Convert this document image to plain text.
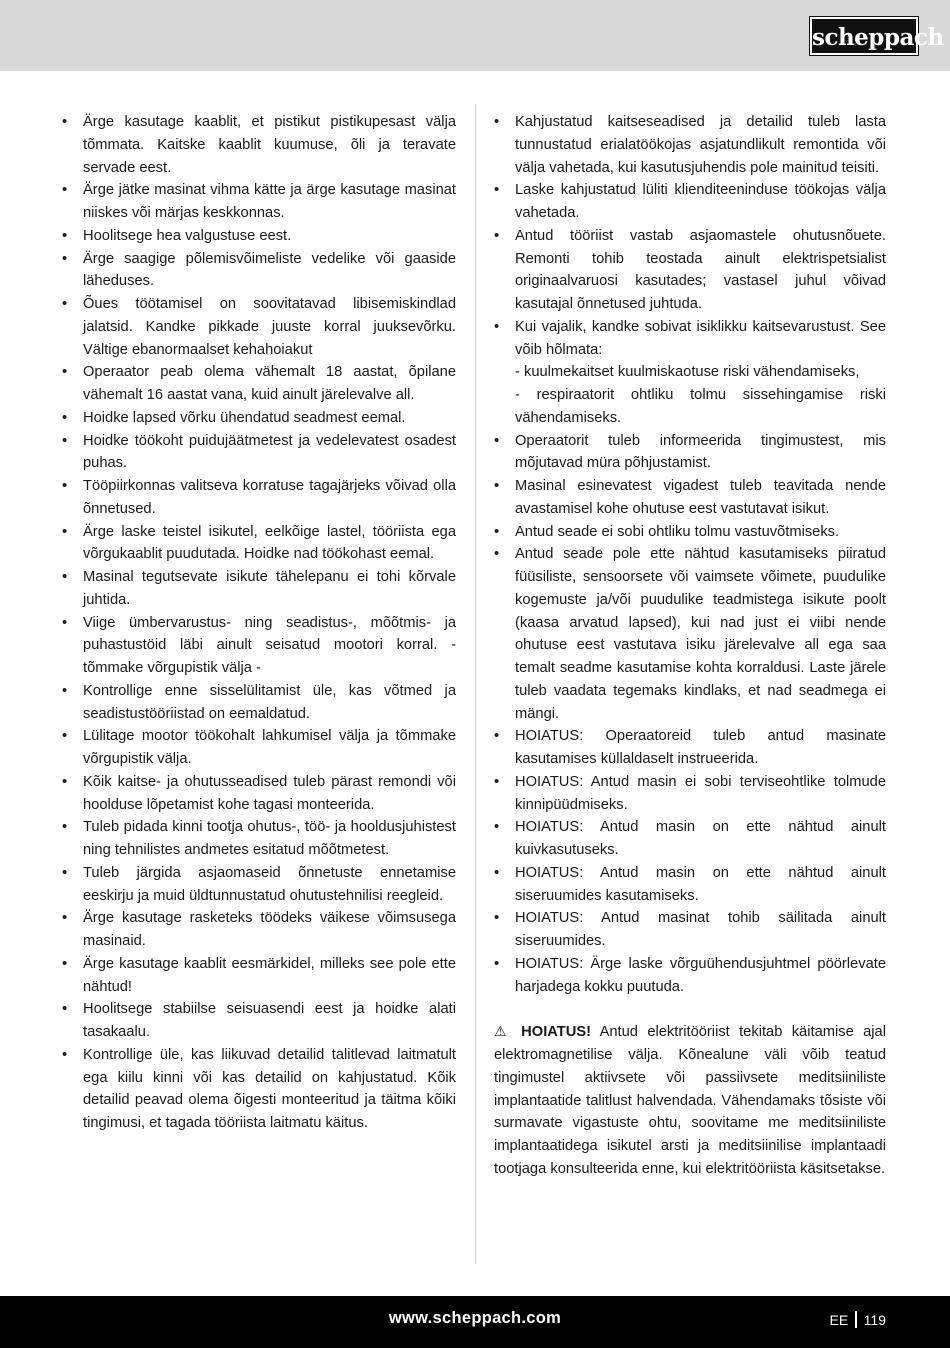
scheppach
•	Ärge kasutage kaablit, et pistikut pistikupesast välja tõmmata. Kaitske kaablit kuumuse, õli ja teravate servade eest.
•	Ärge jätke masinat vihma kätte ja ärge kasutage masinat niiskes või märjas keskkonnas.
•	Hoolitsege hea valgustuse eest.
•	Ärge saagige põlemisvõimeliste vedelike või gaaside läheduses.
•	Õues töötamisel on soovitatavad libisemiskindlad jalatsid. Kandke pikkade juuste korral juuksevõrku. Vältige ebanormaalset kehahoiakut
•	Operaator peab olema vähemalt 18 aastat, õpilane vähemalt 16 aastat vana, kuid ainult järelevalve all.
•	Hoidke lapsed võrku ühendatud seadmest eemal.
•	Hoidke töökoht puidujäätmetest ja vedelevatest osadest puhas.
•	Tööpiirkonnas valitseva korratuse tagajärjeks võivad olla õnnetused.
•	Ärge laske teistel isikutel, eelkõige lastel, tööriista ega võrgukaablit puudutada. Hoidke nad töökohast eemal.
•	Masinal tegutsevate isikute tähelepanu ei tohi kõrvale juhtida.
•	Viige ümbervarustus- ning seadistus-, mõõtmis- ja puhastustöid läbi ainult seisatud mootori korral. - tõmmake võrgupistik välja -
•	Kontrollige enne sisselülitamist üle, kas võtmed ja seadistustööriistad on eemaldatud.
•	Lülitage mootor töökohalt lahkumisel välja ja tõmmake võrgupistik välja.
•	Kõik kaitse- ja ohutusseadised tuleb pärast remondi või hoolduse lõpetamist kohe tagasi monteerida.
•	Tuleb pidada kinni tootja ohutus-, töö- ja hooldusjuhistest ning tehnilistes andmetes esitatud mõõtmetest.
•	Tuleb järgida asjaomaseid õnnetuste ennetamise eeskirju ja muid üldtunnustatud ohutustehnilisi reegleid.
•	Ärge kasutage rasketeks töödeks väikese võimsusega masinaid.
•	Ärge kasutage kaablit eesmärkidel, milleks see pole ette nähtud!
•	Hoolitsege stabiilse seisuasendi eest ja hoidke alati tasakaalu.
•	Kontrollige üle, kas liikuvad detailid talitlevad laitmatult ega kiilu kinni või kas detailid on kahjustatud. Kõik detailid peavad olema õigesti monteeritud ja täitma kõiki tingimusi, et tagada tööriista laitmatu käitus.
•	Kahjustatud kaitseseadised ja detailid tuleb lasta tunnustatud erialatöökojas asjatundlikult remontida või välja vahetada, kui kasutusjuhendis pole mainitud teisiti.
•	Laske kahjustatud lüliti klienditeeninduse töökojas välja vahetada.
•	Antud tööriist vastab asjaomastele ohutusnõuete. Remonti tohib teostada ainult elektrispetsialist originaalvaruosi kasutades; vastasel juhul võivad kasutajal õnnetused juhtuda.
•	Kui vajalik, kandke sobivat isiklikku kaitsevarustust. See võib hõlmata:
- kuulmekaitset kuulmiskaotuse riski vähendamiseks,
- respiraatorit ohtliku tolmu sissehingamise riski vähendamiseks.
•	Operaatorit tuleb informeerida tingimustest, mis mõjutavad müra põhjustamist.
•	Masinal esinevatest vigadest tuleb teavitada nende avastamisel kohe ohutuse eest vastutavat isikut.
•	Antud seade ei sobi ohtliku tolmu vastuvõtmiseks.
•	Antud seade pole ette nähtud kasutamiseks piiratud füüsiliste, sensoorsete või vaimsete võimete, puudulike kogemuste ja/või puudulike teadmistega isikute poolt (kaasa arvatud lapsed), kui nad just ei viibi nende ohutuse eest vastutava isiku järelevalve all ega saa temalt seadme kasutamise kohta korraldusi. Laste järele tuleb vaadata tegemaks kindlaks, et nad seadmega ei mängi.
•	HOIATUS: Operaatoreid tuleb antud masinate kasutamises küllaldaselt instrueerida.
•	HOIATUS: Antud masin ei sobi terviseohtlike tolmude kinnipüüdmiseks.
•	HOIATUS: Antud masin on ette nähtud ainult kuivkasutuseks.
•	HOIATUS: Antud masin on ette nähtud ainult siseruumides kasutamiseks.
•	HOIATUS: Antud masinat tohib säilitada ainult siseruumides.
•	HOIATUS: Ärge laske võrguühendusjuhtmel pöörlevate harjadega kokku puutuda.
⚠ HOIATUS! Antud elektritööriist tekitab käitamise ajal elektromagnetilise välja. Kõnealune väli võib teatud tingimustel aktiivsete või passiivsete meditsiiniliste implantaatide talitlust halvendada. Vähendamaks tõsiste või surmavate vigastuste ohtu, soovitame me meditsiiniliste implantaatidega isikutel arsti ja meditsiinilise implantaadi tootjaga konsulteerida enne, kui elektritööriista käsitsetakse.
www.scheppach.com	EE 119
